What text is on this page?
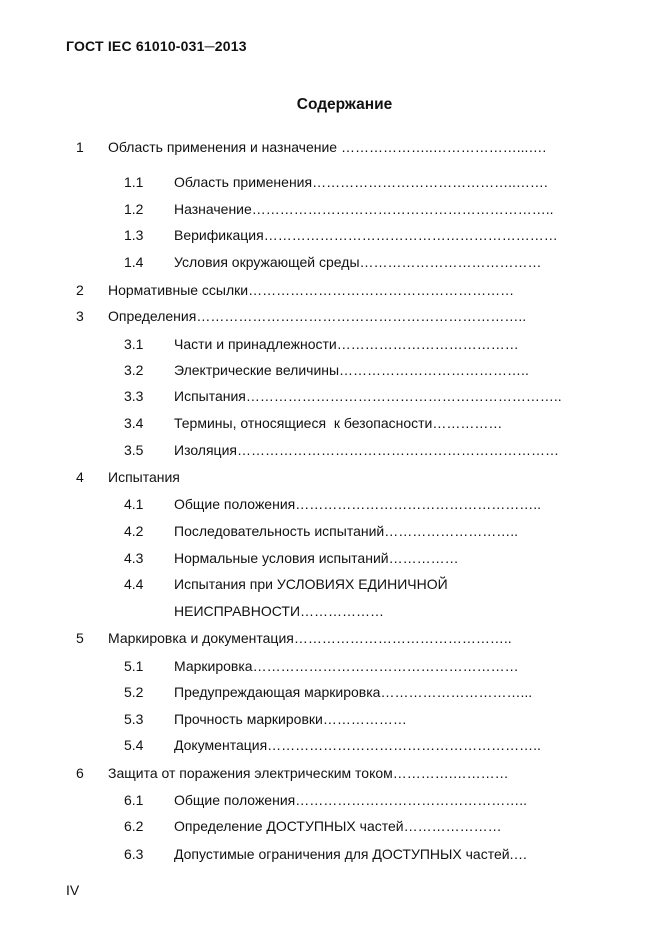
ГОСТ IEC 61010-031─2013
Содержание
1 Область применения и назначение ………………..………………...….
1.1 Область применения……………………………………..…….
1.2 Назначение………………………………………………………..
1.3 Верификация………………………………………………………
1.4 Условия окружающей среды…………………………………
2 Нормативные ссылки…………………………………………………
3 Определения……………………………………………………………..
3.1 Части и принадлежности…………………………………
3.2 Электрические величины…………………………………..
3.3 Испытания…………………………………………………………..
3.4 Термины, относящиеся  к безопасности……………
3.5 Изоляция……………………………………………………………
4 Испытания
4.1 Общие положения……………………………………………..
4.2 Последовательность испытаний………………………..
4.3 Нормальные условия испытаний……………
4.4 Испытания при УСЛОВИЯХ ЕДИНИЧНОЙ
НЕИСПРАВНОСТИ………………
5 Маркировка и документация………………………………………..
5.1 Маркировка…………………………………………………
5.2 Предупреждающая маркировка…………………………...
5.3 Прочность маркировки………………
5.4 Документация…………………………………………………..
6 Защита от поражения электрическим током………….…………
6.1 Общие положения…………………………………………..
6.2 Определение ДОСТУПНЫХ частей…………………
6.3 Допустимые ограничения для ДОСТУПНЫХ частей.…
IV
